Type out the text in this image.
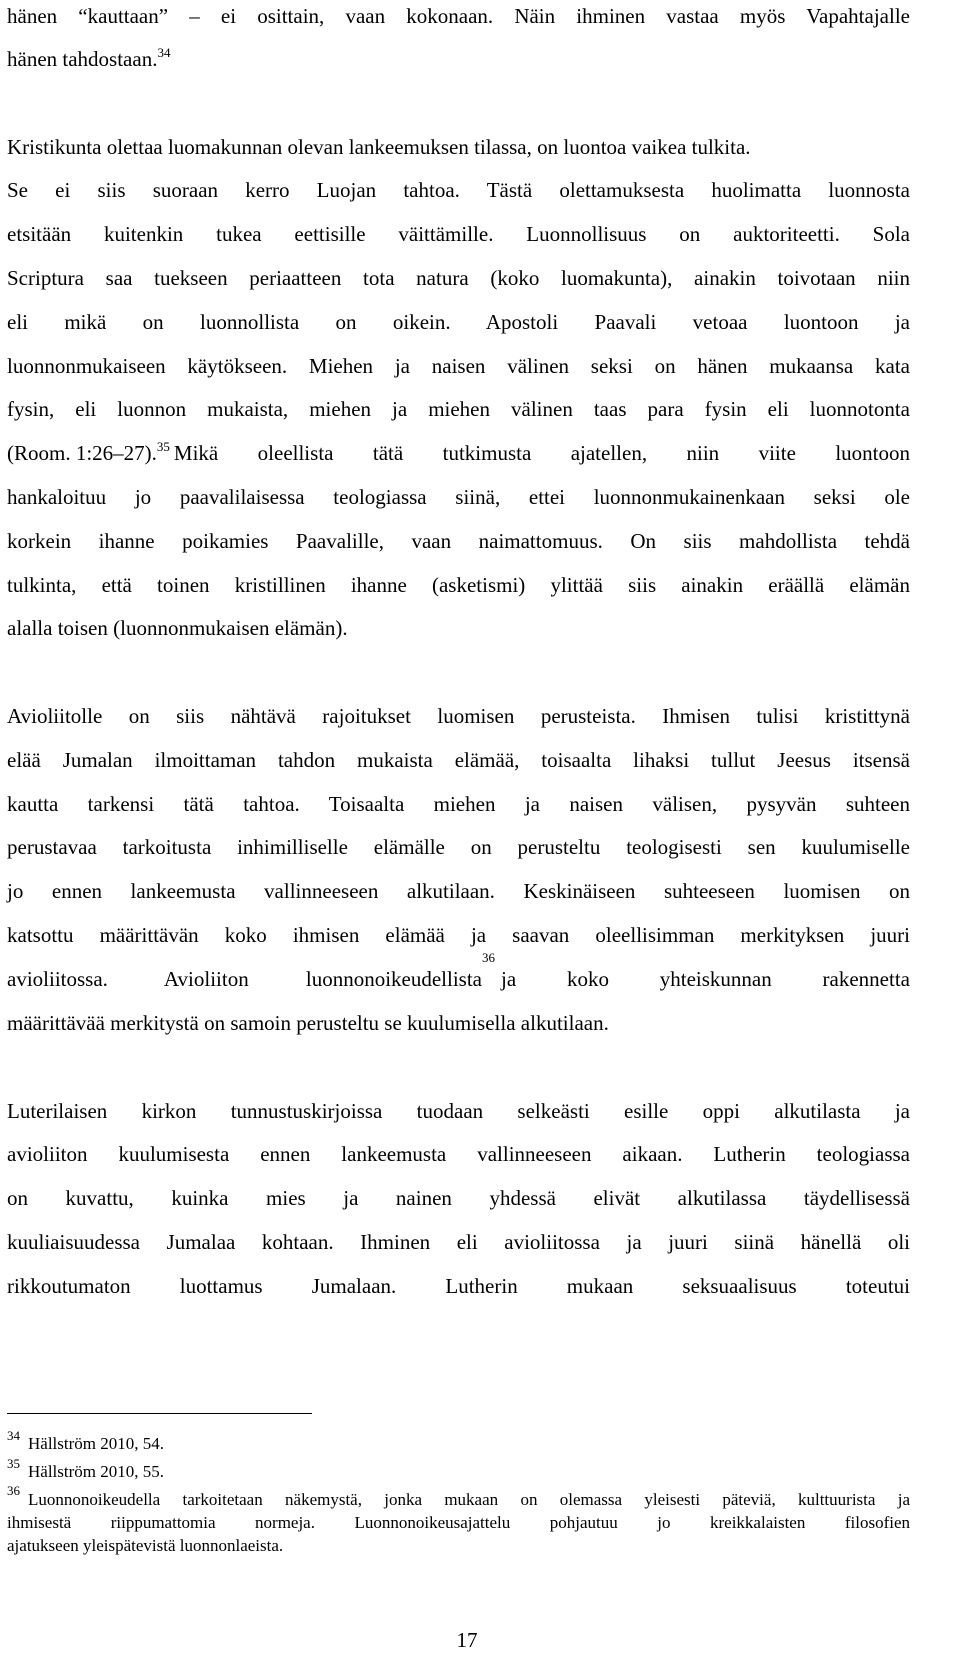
hänen “kauttaan” – ei osittain, vaan kokonaan. Näin ihminen vastaa myös Vapahtajalle
hänen tahdostaan.$^{34}$
Kristikunta olettaa luomakunnan olevan lankeemuksen tilassa, on luontoa vaikea tulkita.
Se ei siis suoraan kerro Luojan tahtoa. Tästä olettamuksesta huolimatta luonnosta
etsitään kuitenkin tukea eettisille väittämille. Luonnollisuus on auktoriteetti. Sola
Scriptura saa tuekseen periaatteen tota natura (koko luomakunta), ainakin toivotaan niin
eli mikä on luonnollista on oikein. Apostoli Paavali vetoaa luontoon ja
luonnonmukaiseen käytökseen. Miehen ja naisen välinen seksi on hänen mukaansa kata
fysin, eli luonnon mukaista, miehen ja miehen välinen taas para fysin eli luonnotonta
(Room. 1:26–27).$^{35}$ Mikä oleellista tätä tutkimusta ajatellen, niin viite luontoon
hankaloituu jo paavalilaisessa teologiassa siinä, ettei luonnonmukainenkaan seksi ole
korkein ihanne poikamies Paavalille, vaan naimattomuus. On siis mahdollista tehdä
tulkinta, että toinen kristillinen ihanne (asketismi) ylittää siis ainakin eräällä elämän
alalla toisen (luonnonmukaisen elämän).
Avioliitolle on siis nähtävä rajoitukset luomisen perusteista. Ihmisen tulisi kristittynä
elää Jumalan ilmoittaman tahdon mukaista elämää, toisaalta lihaksi tullut Jeesus itsensä
kautta tarkensi tätä tahtoa. Toisaalta miehen ja naisen välisen, pysyvän suhteen
perustavaa tarkoitusta inhimilliselle elämälle on perusteltu teologisesti sen kuulumiselle
jo ennen lankeemusta vallinneeseen alkutilaan. Keskinäiseen suhteeseen luomisen on
katsottu määrittävän koko ihmisen elämää ja saavan oleellisimman merkityksen juuri
avioliitossa. Avioliiton luonnonoikeudellista
$^{36}$
ja koko yhteiskunnan rakennetta
määrittävää merkitystä on samoin perusteltu se kuulumisella alkutilaan.
Luterilaisen kirkon tunnustuskirjoissa tuodaan selkeästi esille oppi alkutilasta ja
avioliiton kuulumisesta ennen lankeemusta vallinneeseen aikaan. Lutherin teologiassa
on kuvattu, kuinka mies ja nainen yhdessä elivät alkutilassa täydellisessä
kuuliaisuudessa Jumalaa kohtaan. Ihminen eli avioliitossa ja juuri siinä hänellä oli
rikkoutumaton luottamus Jumalaan. Lutherin mukaan seksuaalisuus toteutui
$^{34}$ Hällström 2010, 54.
$^{35}$ Hällström 2010, 55.
36 Luonnonoikeudella tarkoitetaan näkemystä, jonka mukaan on olemassa yleisesti päteviä, kulttuurista ja
ihmisestä riippumattomia normeja. Luonnonoikeusajattelu pohjautuu jo kreikkalaisten filosofien
ajatukseen yleispätevistä luonnonlaeista.
17
